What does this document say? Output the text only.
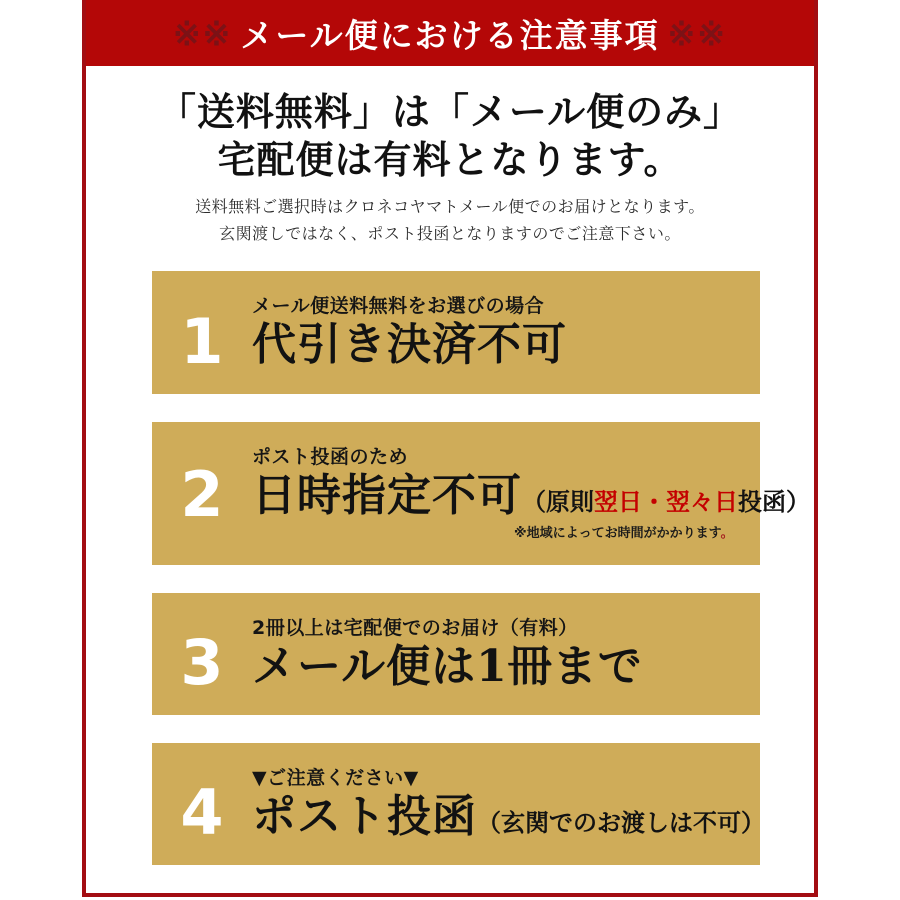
※※ メール便における注意事項 ※※
「送料無料」は「メール便のみ」
宅配便は有料となります。
送料無料ご選択時はクロネコヤマトメール便でのお届けとなります。
玄関渡しではなく、ポスト投函となりますのでご注意下さい。
1	メール便送料無料をお選びの場合
代引き決済不可
2
ポスト投函のため
日時指定不可（原則翌日・翌々日投函）
※地域によってお時間がかかります。
3	2冊以上は宅配便でのお届け（有料）
メール便は1冊まで
4	▼ご注意ください▼
ポスト投函（玄関でのお渡しは不可）
